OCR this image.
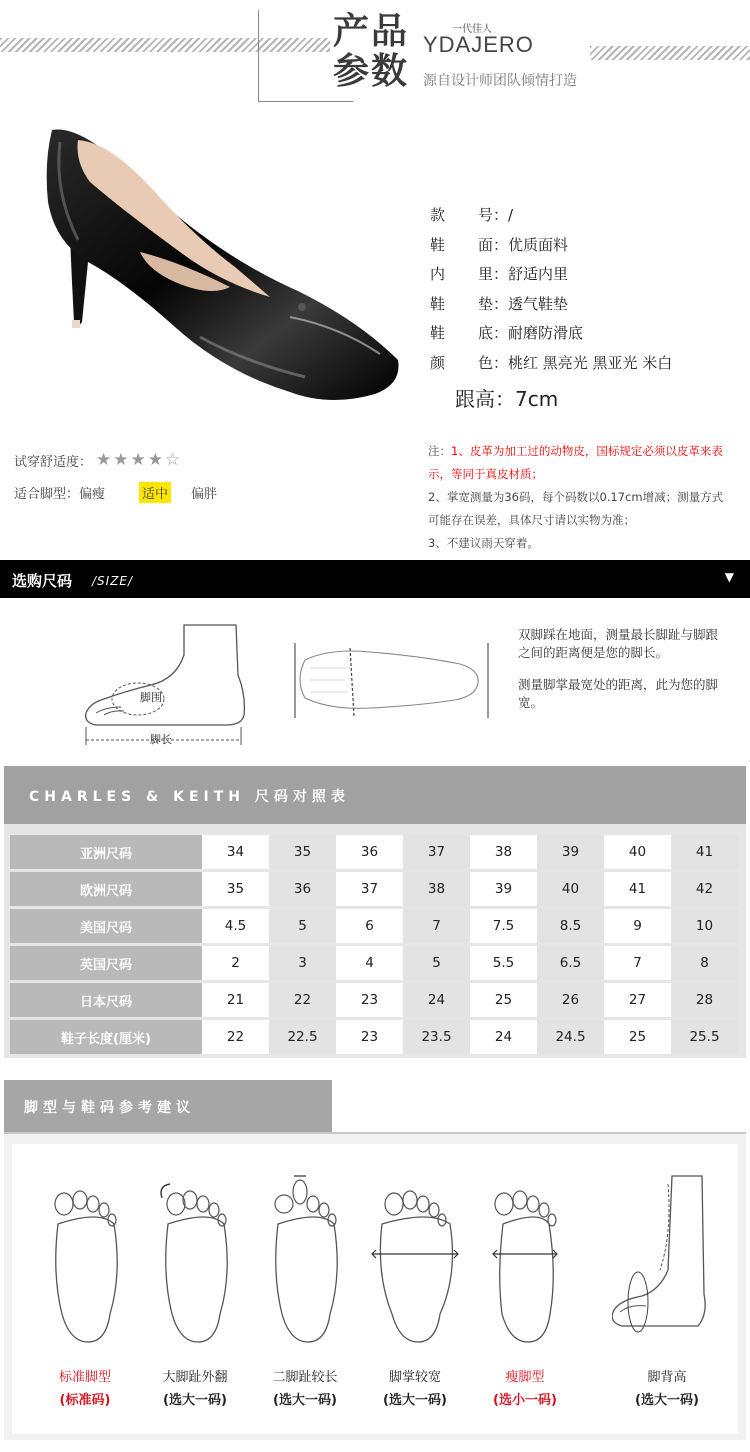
产品参数
一代佳人
YDAJERO
源自设计师团队倾情打造
款 号： /
鞋 面： 优质面料
内 里： 舒适内里
鞋 垫： 透气鞋垫
鞋 底： 耐磨防滑底
颜 色： 桃红 黑亮光 黑亚光 米白
跟高：7cm
试穿舒适度： ★★★★☆
适合脚型： 偏瘦	适中 偏胖
注：1、皮革为加工过的动物皮，国标规定必须以皮革来表示，等同于真皮材质；
2、掌宽测量为36码，每个码数以0.17cm增减；测量方式可能存在误差，具体尺寸请以实物为准；
3、不建议雨天穿着。
选购尺码 /SIZE/	▼
脚围
脚长

双脚踩在地面，测量最长脚趾与脚跟之间的距离便是您的脚长。

测量脚掌最宽处的距离，此为您的脚宽。

CHARLES & KEITH 尺码对照表
亚洲尺码	34	35	36	37	38	39	40	41
欧洲尺码	35	36	37	38	39	40	41	42
美国尺码	4.5	5	6	7	7.5	8.5	9	10
英国尺码	2	3	4	5	5.5	6.5	7	8
日本尺码	21	22	23	24	25	26	27	28
鞋子长度(厘米)	22	22.5	23	23.5	24	24.5	25	25.5
脚型与鞋码参考建议
标准脚型
(标准码)
大脚趾外翻
(选大一码)
二脚趾较长
(选大一码)
脚掌较宽
(选大一码)
瘦脚型
(选小一码)
脚背高
(选大一码)
